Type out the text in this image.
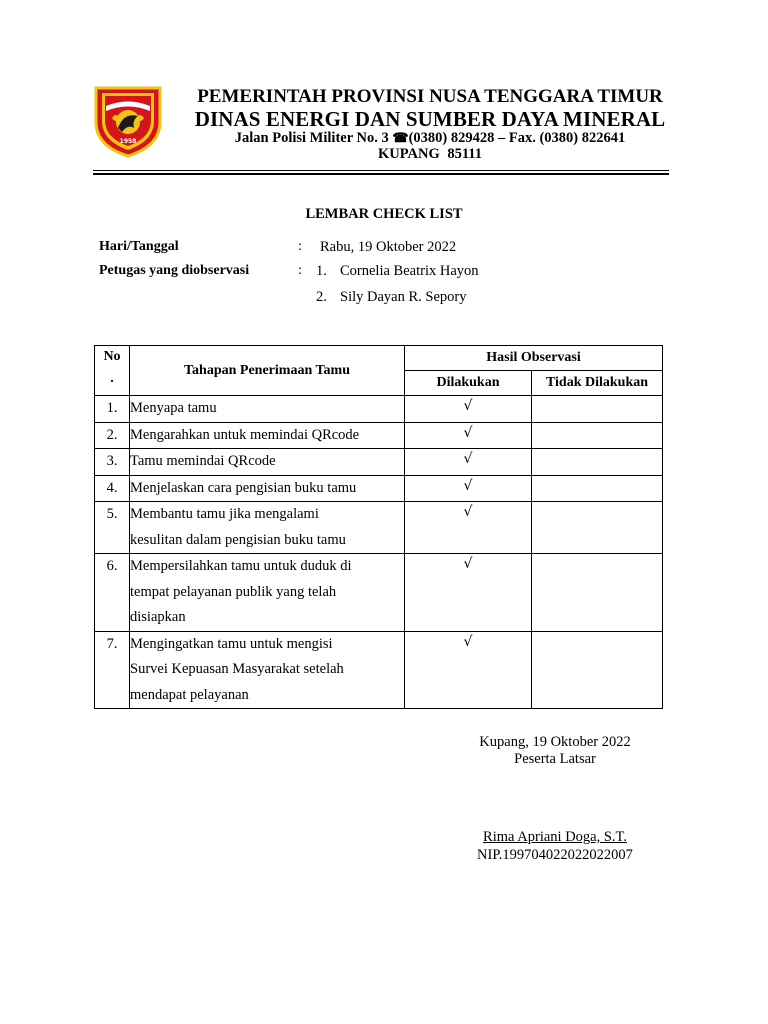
1958
PEMERINTAH PROVINSI NUSA TENGGARA TIMUR
DINAS ENERGI DAN SUMBER DAYA MINERAL
Jalan Polisi Militer No. 3 ☎(0380) 829428 – Fax. (0380) 822641
KUPANG 85111
LEMBAR CHECK LIST
Hari/Tanggal	: Rabu, 19 Oktober 2022
Petugas yang diobservasi	: 1. Cornelia Beatrix Hayon
2. Sily Dayan R. Sepory
No
.	Tahapan Penerimaan Tamu	Hasil Observasi	
		Dilakukan	Tidak Dilakukan
1.	Menyapa tamu	√	
2.	Mengarahkan untuk memindai QRcode	√	
3.	Tamu memindai QRcode	√	
4.	Menjelaskan cara pengisian buku tamu	√	
5.	Membantu tamu jika mengalami
kesulitan dalam pengisian buku tamu	√	
6.	Mempersilahkan tamu untuk duduk di
tempat pelayanan publik yang telah
disiapkan	√	
7.	Mengingatkan tamu untuk mengisi
Survei Kepuasan Masyarakat setelah
mendapat pelayanan	√	
Kupang, 19 Oktober 2022
Peserta Latsar
Rima Apriani Doga, S.T.
NIP.199704022022022007
